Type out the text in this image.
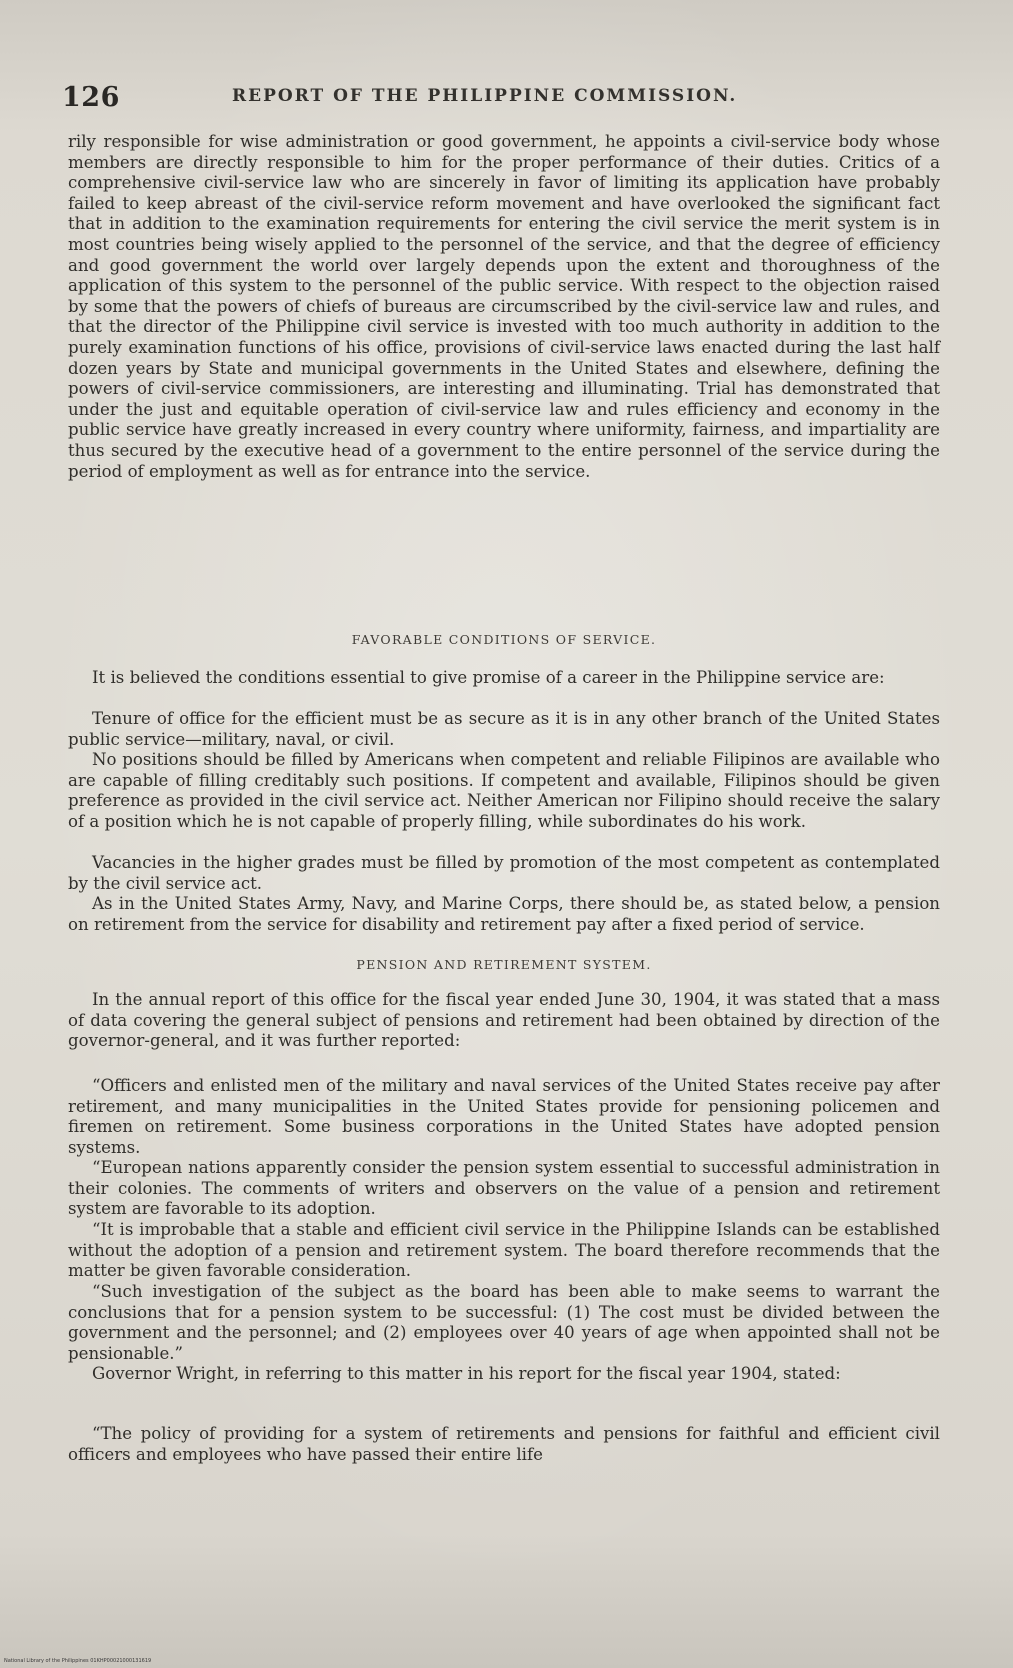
126	REPORT OF THE PHILIPPINE COMMISSION.

rily responsible for wise administration or good government, he appoints a civil-service body whose members are directly responsible to him for the proper performance of their duties. Critics of a comprehensive civil-service law who are sincerely in favor of limiting its application have probably failed to keep abreast of the civil-service reform movement and have overlooked the significant fact that in addition to the examination requirements for entering the civil service the merit system is in most countries being wisely applied to the personnel of the service, and that the degree of efficiency and good government the world over largely depends upon the extent and thoroughness of the application of this system to the personnel of the public service. With respect to the objection raised by some that the powers of chiefs of bureaus are circumscribed by the civil-service law and rules, and that the director of the Philippine civil service is invested with too much authority in addition to the purely examination functions of his office, provisions of civil-service laws enacted during the last half dozen years by State and municipal governments in the United States and elsewhere, defining the powers of civil-service commissioners, are interesting and illuminating. Trial has demonstrated that under the just and equitable operation of civil-service law and rules efficiency and economy in the public service have greatly increased in every country where uniformity, fairness, and impartiality are thus secured by the executive head of a government to the entire personnel of the service during the period of employment as well as for entrance into the service.

FAVORABLE CONDITIONS OF SERVICE.

It is believed the conditions essential to give promise of a career in the Philippine service are:

Tenure of office for the efficient must be as secure as it is in any other branch of the United States public service—military, naval, or civil.

No positions should be filled by Americans when competent and reliable Filipinos are available who are capable of filling creditably such positions. If competent and available, Filipinos should be given preference as provided in the civil service act. Neither American nor Filipino should receive the salary of a position which he is not capable of properly filling, while subordinates do his work.

Vacancies in the higher grades must be filled by promotion of the most competent as contemplated by the civil service act.

As in the United States Army, Navy, and Marine Corps, there should be, as stated below, a pension on retirement from the service for disability and retirement pay after a fixed period of service.

PENSION AND RETIREMENT SYSTEM.

In the annual report of this office for the fiscal year ended June 30, 1904, it was stated that a mass of data covering the general subject of pensions and retirement had been obtained by direction of the governor-general, and it was further reported:

“Officers and enlisted men of the military and naval services of the United States receive pay after retirement, and many municipalities in the United States provide for pensioning policemen and firemen on retirement. Some business corporations in the United States have adopted pension systems.

“European nations apparently consider the pension system essential to successful administration in their colonies. The comments of writers and observers on the value of a pension and retirement system are favorable to its adoption.

“It is improbable that a stable and efficient civil service in the Philippine Islands can be established without the adoption of a pension and retirement system. The board therefore recommends that the matter be given favorable consideration.

“Such investigation of the subject as the board has been able to make seems to warrant the conclusions that for a pension system to be successful: (1) The cost must be divided between the government and the personnel; and (2) employees over 40 years of age when appointed shall not be pensionable.”

Governor Wright, in referring to this matter in his report for the fiscal year 1904, stated:

“The policy of providing for a system of retirements and pensions for faithful and efficient civil officers and employees who have passed their entire life

National Library of the Philippines 01KHP00021000131619
